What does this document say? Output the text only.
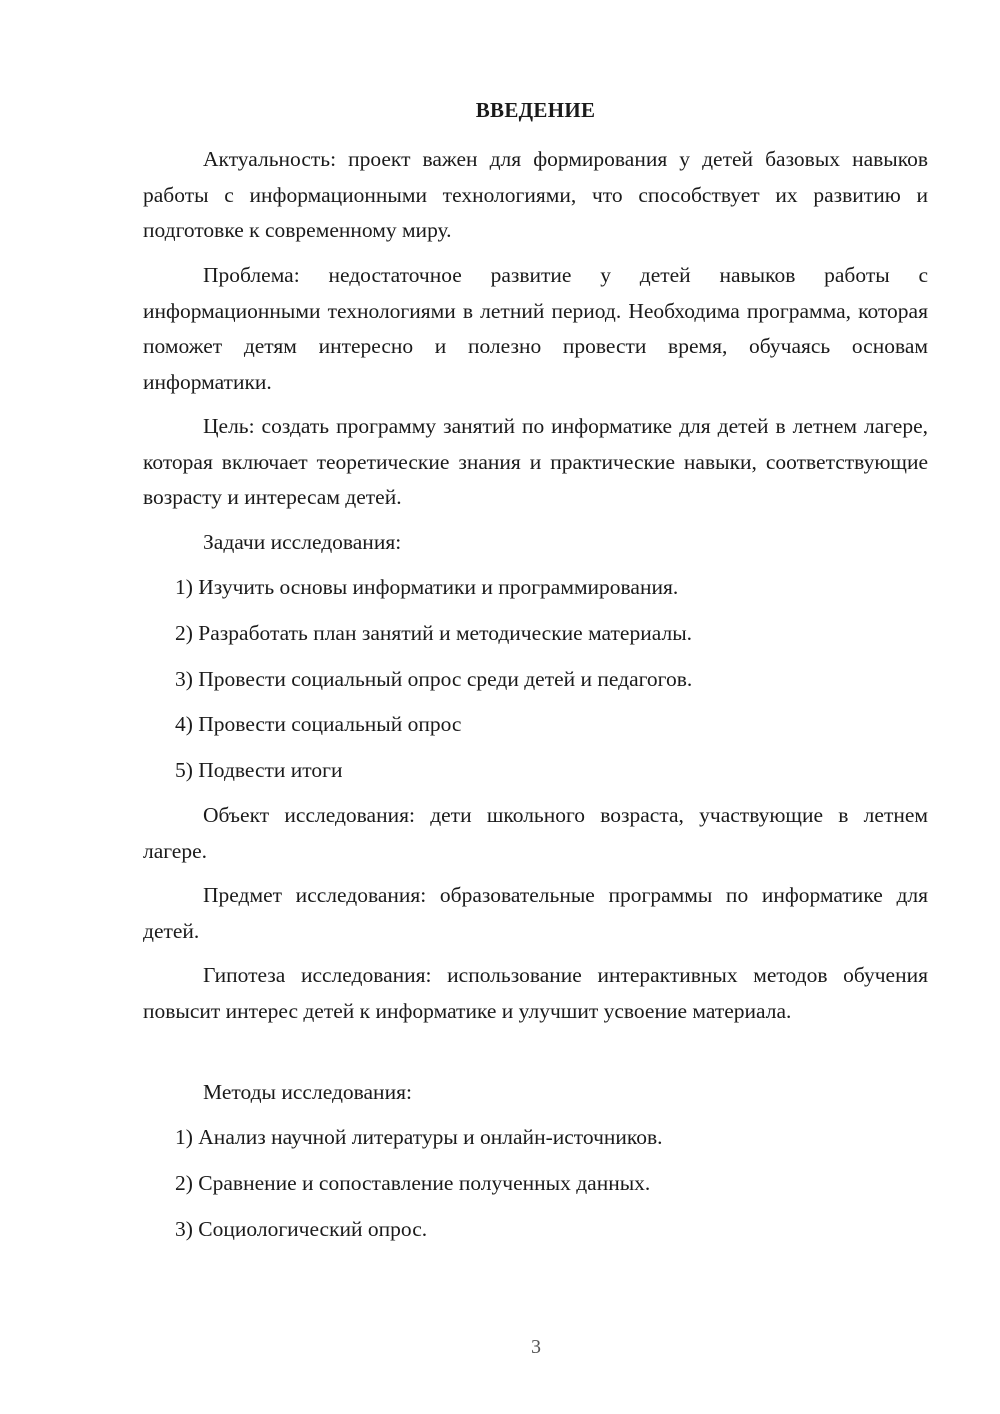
ВВЕДЕНИЕ

Актуальность: проект важен для формирования у детей базовых навыков работы с информационными технологиями, что способствует их развитию и подготовке к современному миру.

Проблема: недостаточное развитие у детей навыков работы с информационными технологиями в летний период. Необходима программа, которая поможет детям интересно и полезно провести время, обучаясь основам информатики.

Цель: создать программу занятий по информатике для детей в летнем лагере, которая включает теоретические знания и практические навыки, соответствующие возрасту и интересам детей.

Задачи исследования:
1) Изучить основы информатики и программирования.
2) Разработать план занятий и методические материалы.
3) Провести социальный опрос среди детей и педагогов.
4) Провести социальный опрос
5) Подвести итоги

Объект исследования: дети школьного возраста, участвующие в летнем лагере.

Предмет исследования: образовательные программы по информатике для детей.

Гипотеза исследования: использование интерактивных методов обучения повысит интерес детей к информатике и улучшит усвоение материала.

Методы исследования:
1) Анализ научной литературы и онлайн-источников.
2) Сравнение и сопоставление полученных данных.
3) Социологический опрос.
3
